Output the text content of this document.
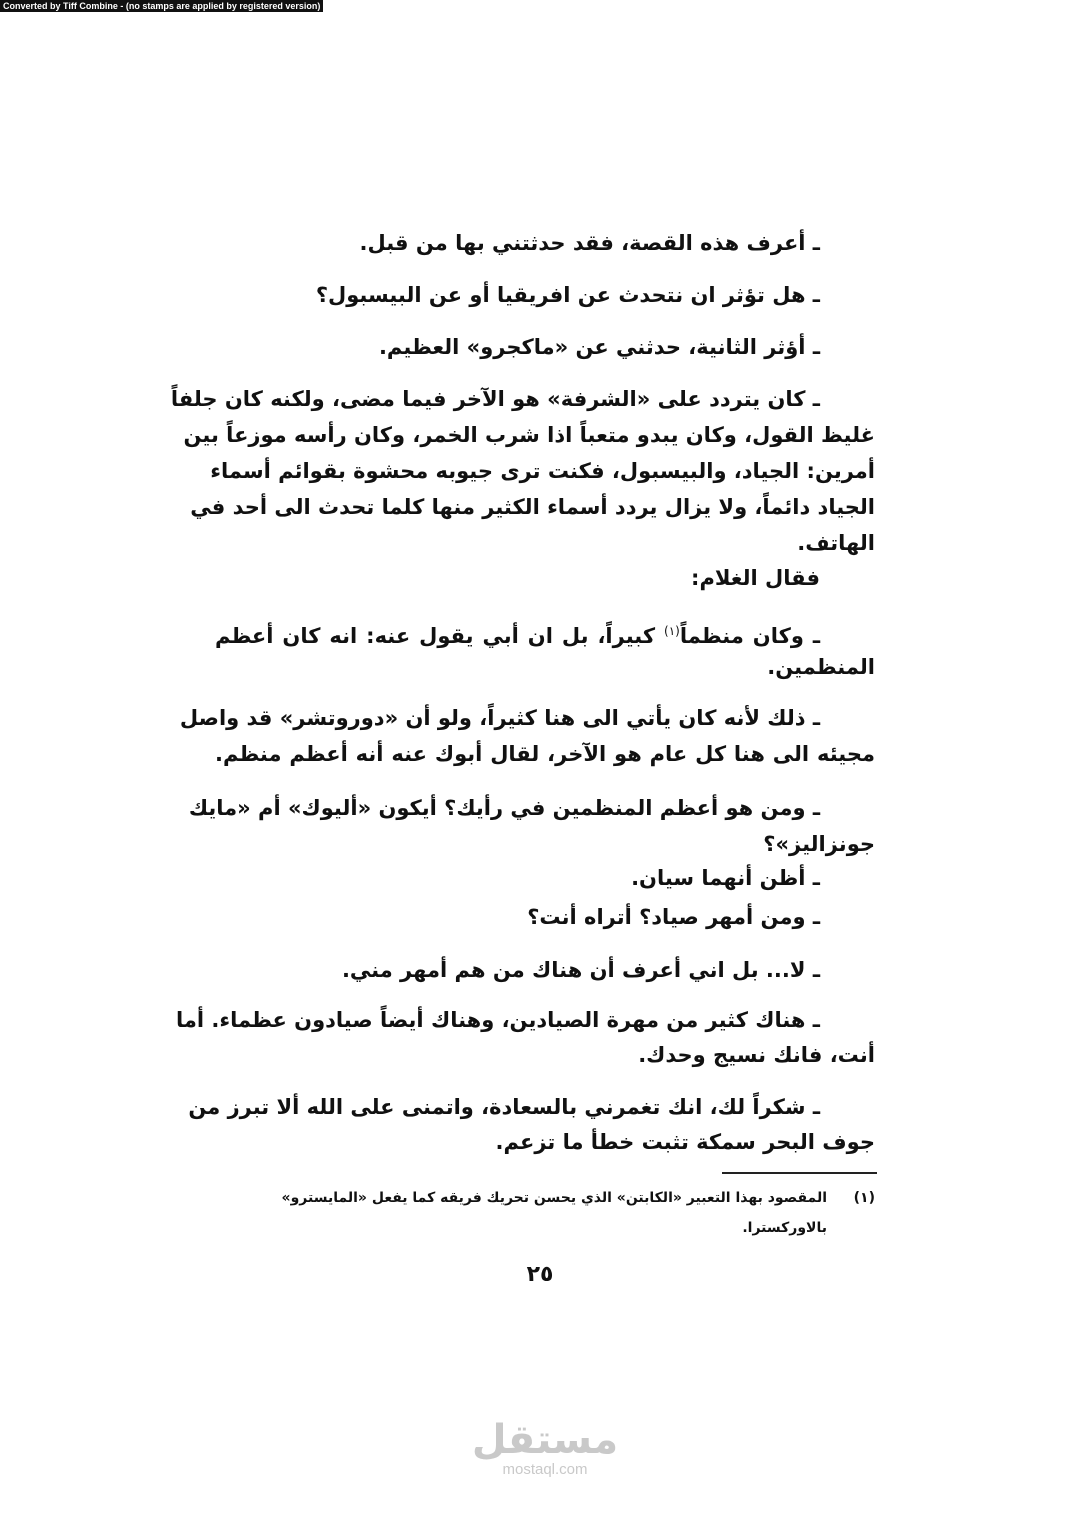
Converted by Tiff Combine - (no stamps are applied by registered version)
ـ أعرف هذه القصة، فقد حدثتني بها من قبل.
ـ هل تؤثر ان نتحدث عن افريقيا أو عن البيسبول؟
ـ أؤثر الثانية، حدثني عن «ماكجرو» العظيم.
ـ كان يتردد على «الشرفة» هو الآخر فيما مضى، ولكنه كان جلفاً
غليظ القول، وكان يبدو متعباً اذا شرب الخمر، وكان رأسه موزعاً بين
أمرين: الجياد، والبيسبول، فكنت ترى جيوبه محشوة بقوائم أسماء
الجياد دائماً، ولا يزال يردد أسماء الكثير منها كلما تحدث الى أحد في
الهاتف.
فقال الغلام:
ـ وكان منظماً$^{(١)}$ كبيراً، بل ان أبي يقول عنه: انه كان أعظم
المنظمين.
ـ ذلك لأنه كان يأتي الى هنا كثيراً، ولو أن «دوروتشر» قد واصل
مجيئه الى هنا كل عام هو الآخر، لقال أبوك عنه أنه أعظم منظم.
ـ ومن هو أعظم المنظمين في رأيك؟ أيكون «أليوك» أم «مايك
جونزاليز»؟
ـ أظن أنهما سيان.
ـ ومن أمهر صياد؟ أتراه أنت؟
ـ لا... بل اني أعرف أن هناك من هم أمهر مني.
ـ هناك كثير من مهرة الصيادين، وهناك أيضاً صيادون عظماء. أما
أنت، فانك نسيج وحدك.
ـ شكراً لك، انك تغمرني بالسعادة، واتمنى على الله ألا تبرز من
جوف البحر سمكة تثبت خطأ ما تزعم.
(١)المقصود بهذا التعبير «الكابتن» الذي يحسن تحريك فريقه كما يفعل «المايسترو»
بالاوركسترا.
٢٥
مستقل
mostaql.com
